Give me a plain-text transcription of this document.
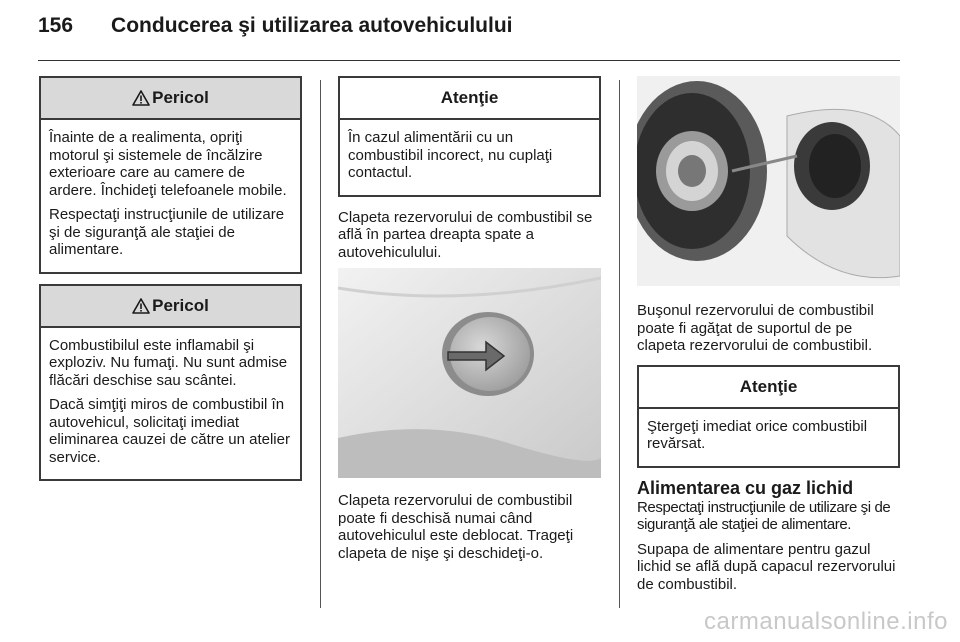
156 Conducerea şi utilizarea autovehiculului
Pericol

Înainte de a realimenta, opriţi motorul şi sistemele de încălzire exterioare care au camere de ardere. Închideţi telefoanele mobile.

Respectaţi instrucţiunile de utilizare şi de siguranţă ale staţiei de alimentare.

Pericol

Combustibilul este inflamabil şi exploziv. Nu fumaţi. Nu sunt admise flăcări deschise sau scântei.

Dacă simţiţi miros de combustibil în autovehicul, solicitaţi imediat eliminarea cauzei de către un atelier service.

Atenţie

În cazul alimentării cu un combustibil incorect, nu cuplaţi contactul.

Clapeta rezervorului de combustibil se află în partea dreapta spate a autovehiculului.

Clapeta rezervorului de combustibil poate fi deschisă numai când autovehiculul este deblocat. Trageţi clapeta de nişe şi deschideţi-o.

Buşonul rezervorului de combustibil poate fi agăţat de suportul de pe clapeta rezervorului de combustibil.

Atenţie

Ştergeţi imediat orice combustibil revărsat.

Alimentarea cu gaz lichid

Respectaţi instrucţiunile de utilizare şi de siguranţă ale staţiei de alimentare.

Supapa de alimentare pentru gazul lichid se află după capacul rezervorului de combustibil.

carmanualsonline.info
